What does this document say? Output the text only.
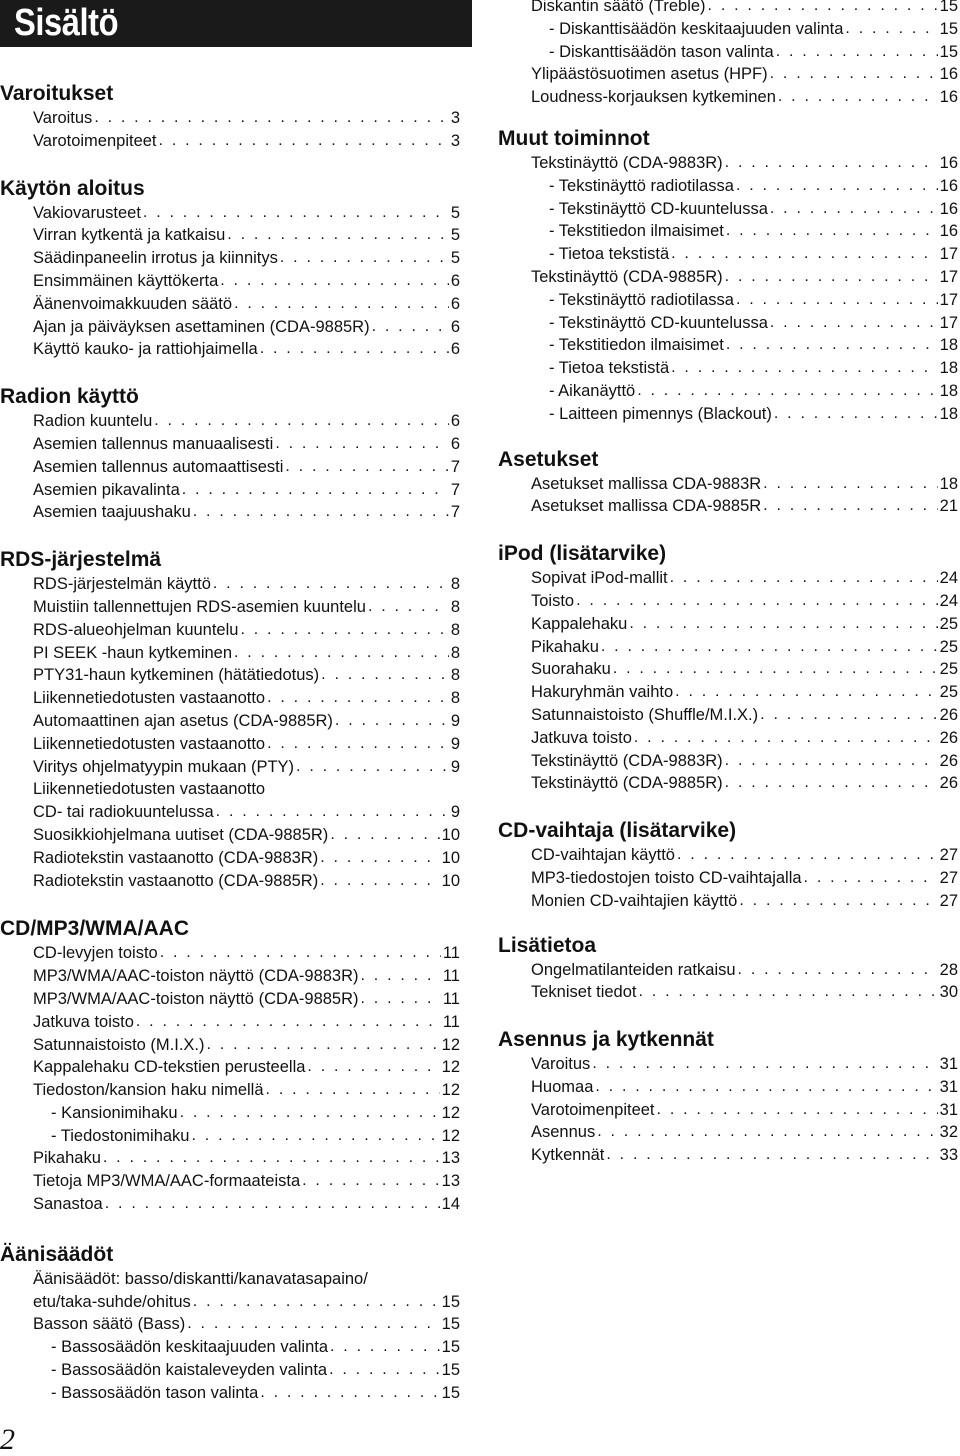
Sisältö
Varoitukset
Varoitus . . .	3
Varotoimenpiteet . . .	3
Käytön aloitus
Vakiovarusteet . . .	5
Virran kytkentä ja katkaisu . . .	5
Säädinpaneelin irrotus ja kiinnitys . . .	5
Ensimmäinen käyttökerta . . .	6
Äänenvoimakkuuden säätö . . .	6
Ajan ja päiväyksen asettaminen (CDA-9885R) . . .	6
Käyttö kauko- ja rattiohjaimella . . .	6
Radion käyttö
Radion kuuntelu . . .	6
Asemien tallennus manuaalisesti . . .	6
Asemien tallennus automaattisesti . . .	7
Asemien pikavalinta . . .	7
Asemien taajuushaku . . .	7
RDS-järjestelmä
RDS-järjestelmän käyttö . . .	8
Muistiin tallennettujen RDS-asemien kuuntelu . . .	8
RDS-alueohjelman kuuntelu . . .	8
PI SEEK -haun kytkeminen . . .	8
PTY31-haun kytkeminen (hätätiedotus) . . .	8
Liikennetiedotusten vastaanotto . . .	8
Automaattinen ajan asetus (CDA-9885R) . . .	9
Liikennetiedotusten vastaanotto . . .	9
Viritys ohjelmatyypin mukaan (PTY) . . .	9
Liikennetiedotusten vastaanotto
CD- tai radiokuuntelussa . . .	9
Suosikkiohjelmana uutiset (CDA-9885R) . . .	10
Radiotekstin vastaanotto (CDA-9883R) . . .	10
Radiotekstin vastaanotto (CDA-9885R) . . .	10
CD/MP3/WMA/AAC
CD-levyjen toisto . . .	11
MP3/WMA/AAC-toiston näyttö (CDA-9883R) . . .	11
MP3/WMA/AAC-toiston näyttö (CDA-9885R) . . .	11
Jatkuva toisto . . .	11
Satunnaistoisto (M.I.X.) . . .	12
Kappalehaku CD-tekstien perusteella . . .	12
Tiedoston/kansion haku nimellä . . .	12
- Kansionimihaku . . .	12
- Tiedostonimihaku . . .	12
Pikahaku . . .	13
Tietoja MP3/WMA/AAC-formaateista . . .	13
Sanastoa . . .	14
Äänisäädöt
Äänisäädöt: basso/diskantti/kanavatasapaino/
etu/taka-suhde/ohitus . . .	15
Basson säätö (Bass) . . .	15
- Bassosäädön keskitaajuuden valinta . . .	15
- Bassosäädön kaistaleveyden valinta . . .	15
- Bassosäädön tason valinta . . .	15
Diskantin säätö (Treble) . . .	15
- Diskanttisäädön keskitaajuuden valinta . . .	15
- Diskanttisäädön tason valinta . . .	15
Ylipäästösuotimen asetus (HPF) . . .	16
Loudness-korjauksen kytkeminen . . .	16
Muut toiminnot
Tekstinäyttö (CDA-9883R) . . .	16
- Tekstinäyttö radiotilassa . . .	16
- Tekstinäyttö CD-kuuntelussa . . .	16
- Tekstitiedon ilmaisimet . . .	16
- Tietoa tekstistä . . .	17
Tekstinäyttö (CDA-9885R) . . .	17
- Tekstinäyttö radiotilassa . . .	17
- Tekstinäyttö CD-kuuntelussa . . .	17
- Tekstitiedon ilmaisimet . . .	18
- Tietoa tekstistä . . .	18
- Aikanäyttö . . .	18
- Laitteen pimennys (Blackout) . . .	18
Asetukset
Asetukset mallissa CDA-9883R . . .	18
Asetukset mallissa CDA-9885R . . .	21
iPod (lisätarvike)
Sopivat iPod-mallit . . .	24
Toisto . . .	24
Kappalehaku . . .	25
Pikahaku . . .	25
Suorahaku . . .	25
Hakuryhmän vaihto . . .	25
Satunnaistoisto (Shuffle/M.I.X.) . . .	26
Jatkuva toisto . . .	26
Tekstinäyttö (CDA-9883R) . . .	26
Tekstinäyttö (CDA-9885R) . . .	26
CD-vaihtaja (lisätarvike)
CD-vaihtajan käyttö . . .	27
MP3-tiedostojen toisto CD-vaihtajalla . . .	27
Monien CD-vaihtajien käyttö . . .	27
Lisätietoa
Ongelmatilanteiden ratkaisu . . .	28
Tekniset tiedot . . .	30
Asennus ja kytkennät
Varoitus . . .	31
Huomaa . . .	31
Varotoimenpiteet . . .	31
Asennus . . .	32
Kytkennät . . .	33
2
